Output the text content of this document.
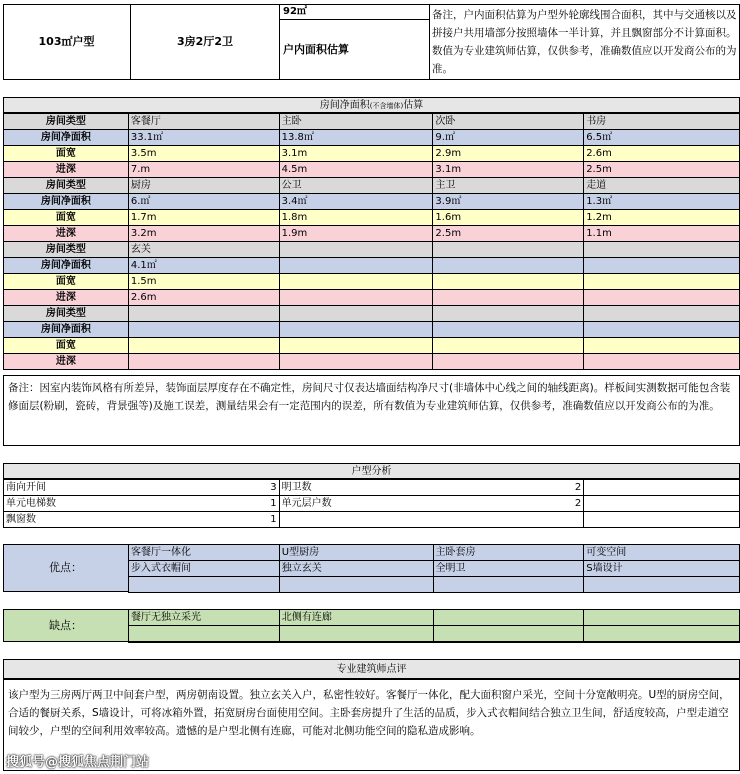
103㎡户型	3房2厅2卫
92㎡
户内面积估算
备注，户内面积估算为户型外轮廓线围合面积，其中与交通核以及拼接户共用墙部分按照墙体一半计算，并且飘窗部分不计算面积。数值为专业建筑师估算，仅供参考，准确数值应以开发商公布的为准。
房间净面积(不含墙体)估算
房间类型	客餐厅	主卧	次卧	书房
房间净面积	33.1㎡	13.8㎡	9.㎡	6.5㎡
面宽	3.5m	3.1m	2.9m	2.6m
进深	7.m	4.5m	3.1m	2.5m
房间类型	厨房	公卫	主卫	走道
房间净面积	6.㎡	3.4㎡	3.9㎡	1.3㎡
面宽	1.7m	1.8m	1.6m	1.2m
进深	3.2m	1.9m	2.5m	1.1m
房间类型	玄关			
房间净面积	4.1㎡			
面宽	1.5m			
进深	2.6m			
房间类型				
房间净面积				
面宽				
进深				
备注：因室内装饰风格有所差异，装饰面层厚度存在不确定性，房间尺寸仅表达墙面结构净尺寸(非墙体中心线之间的轴线距离)。样板间实测数据可能包含装修面层(粉刷，瓷砖，背景强等)及施工误差，测量结果会有一定范围内的误差，所有数值为专业建筑师估算，仅供参考，准确数值应以开发商公布的为准。
户型分析
南向开间 3	明卫数 2	

单元电梯数 1	单元层户数 2	

飘窗数 1		

优点：
客餐厅一体化	U型厨房	主卧套房	可变空间
步入式衣帽间	独立玄关	全明卫	S墙设计

缺点：
餐厅无独立采光	北侧有连廊		

专业建筑师点评
该户型为三房两厅两卫中间套户型，两房朝南设置。独立玄关入户，私密性较好。客餐厅一体化，配大面积窗户采光，空间十分宽敞明亮。U型的厨房空间，合适的餐厨关系，S墙设计，可将冰箱外置，拓宽厨房台面使用空间。主卧套房提升了生活的品质，步入式衣帽间结合独立卫生间，舒适度较高，户型走道空间较少，户型的空间利用效率较高。遗憾的是户型北侧有连廊，可能对北侧功能空间的隐私造成影响。
搜狐号@搜狐焦点荆门站
